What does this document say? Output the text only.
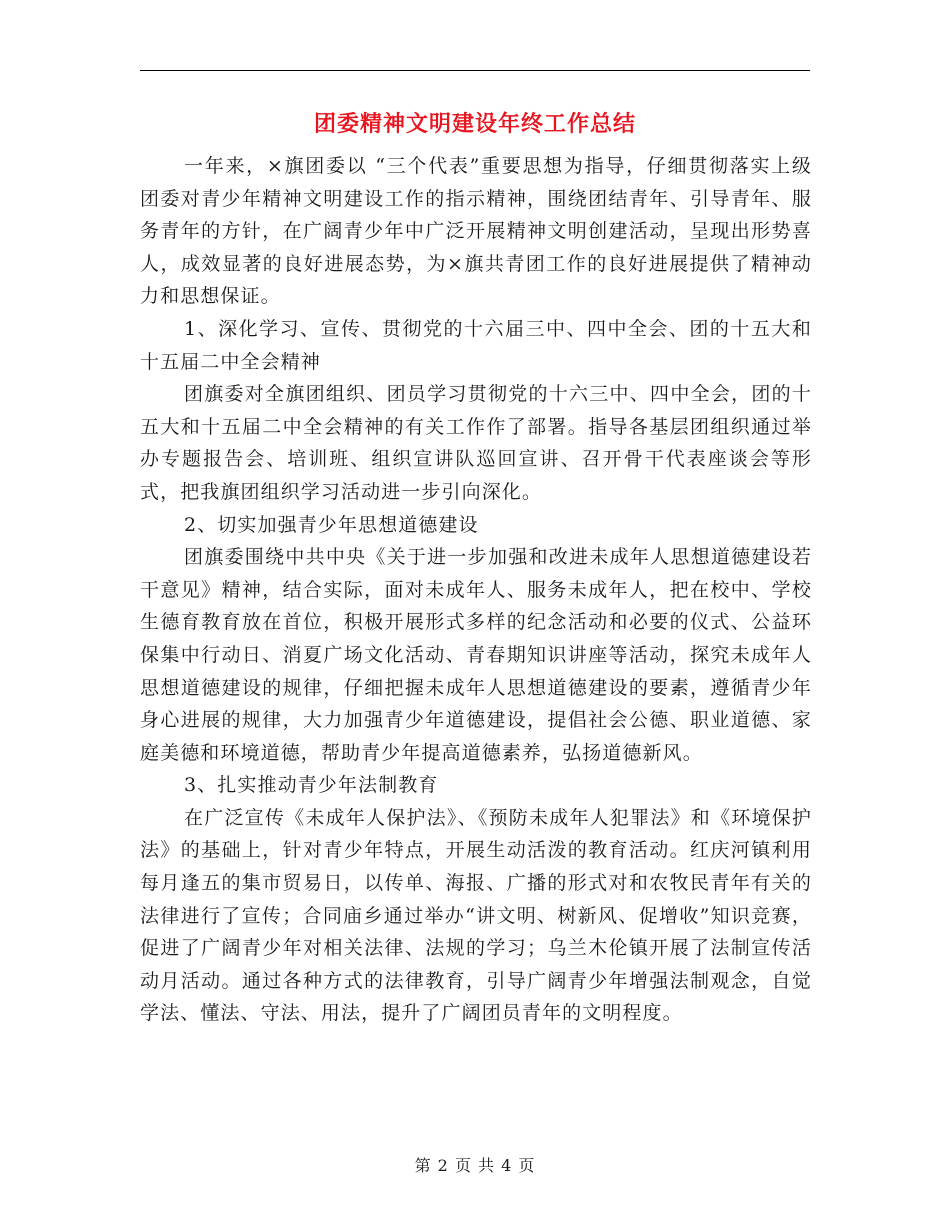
团委精神文明建设年终工作总结

一年来，×旗团委以 “三个代表”重要思想为指导，仔细贯彻落实上级团委对青少年精神文明建设工作的指示精神，围绕团结青年、引导青年、服务青年的方针，在广阔青少年中广泛开展精神文明创建活动，呈现出形势喜人，成效显著的良好进展态势，为×旗共青团工作的良好进展提供了精神动力和思想保证。

1、深化学习、宣传、贯彻党的十六届三中、四中全会、团的十五大和十五届二中全会精神

团旗委对全旗团组织、团员学习贯彻党的十六三中、四中全会，团的十五大和十五届二中全会精神的有关工作作了部署。指导各基层团组织通过举办专题报告会、培训班、组织宣讲队巡回宣讲、召开骨干代表座谈会等形式，把我旗团组织学习活动进一步引向深化。

2、切实加强青少年思想道德建设

团旗委围绕中共中央《关于进一步加强和改进未成年人思想道德建设若干意见》精神，结合实际，面对未成年人、服务未成年人，把在校中、学校生德育教育放在首位，积极开展形式多样的纪念活动和必要的仪式、公益环保集中行动日、消夏广场文化活动、青春期知识讲座等活动，探究未成年人思想道德建设的规律，仔细把握未成年人思想道德建设的要素，遵循青少年身心进展的规律，大力加强青少年道德建设，提倡社会公德、职业道德、家庭美德和环境道德，帮助青少年提高道德素养，弘扬道德新风。

3、扎实推动青少年法制教育

在广泛宣传《未成年人保护法》、《预防未成年人犯罪法》和《环境保护法》的基础上，针对青少年特点，开展生动活泼的教育活动。红庆河镇利用每月逢五的集市贸易日，以传单、海报、广播的形式对和农牧民青年有关的法律进行了宣传；合同庙乡通过举办“讲文明、树新风、促增收”知识竞赛，促进了广阔青少年对相关法律、法规的学习；乌兰木伦镇开展了法制宣传活动月活动。通过各种方式的法律教育，引导广阔青少年增强法制观念，自觉学法、懂法、守法、用法，提升了广阔团员青年的文明程度。

第 2 页 共 4 页
